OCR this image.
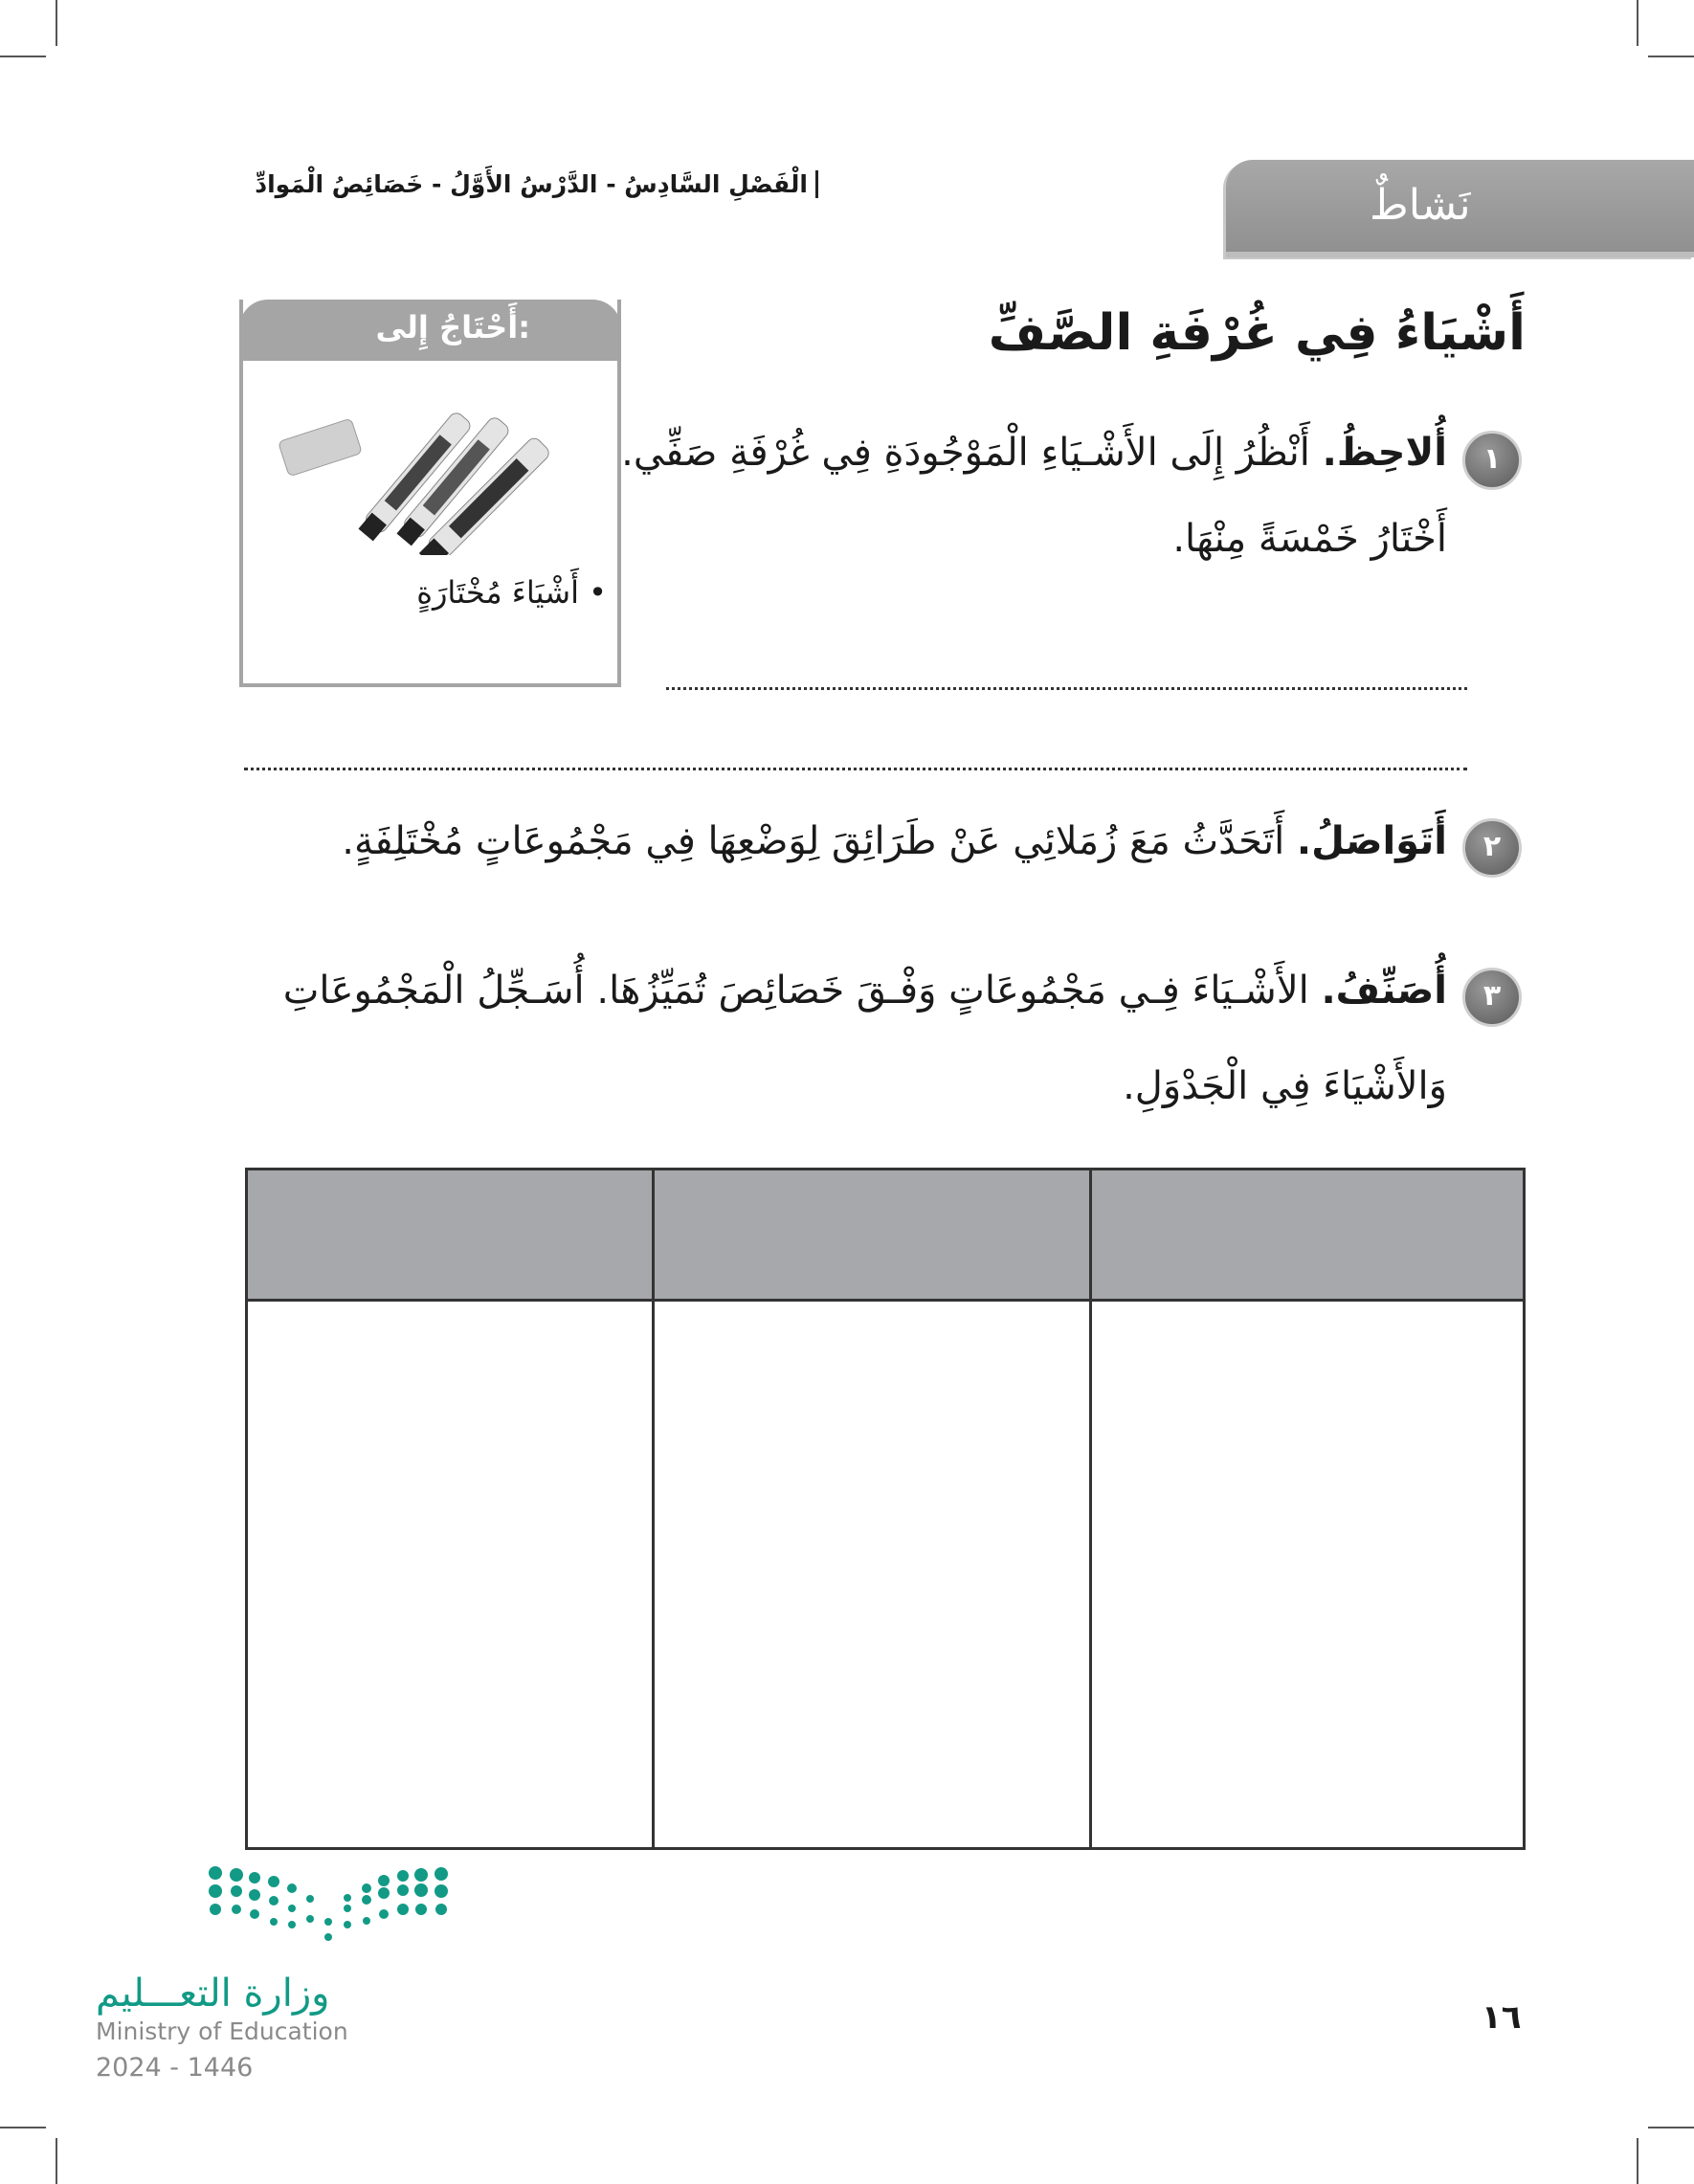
الْفَصْلِ السَّادِسُ - الدَّرْسُ الأَوَّلُ - خَصَائِصُ الْمَوادِّ	نَشاطٌ
أَشْيَاءُ فِي غُرْفَةِ الصَّفِّ
أَحْتَاجُ إِلى:
• أَشْيَاءَ مُخْتَارَةٍ
١
أُلاحِظُ. أَنْظُرُ إِلَى الأَشْـيَاءِ الْمَوْجُودَةِ فِي غُرْفَةِ صَفِّي.
أَخْتَارُ خَمْسَةً مِنْهَا.
٢
أَتَوَاصَلُ. أَتَحَدَّثُ مَعَ زُمَلائِي عَنْ طَرَائِقَ لِوَضْعِهَا فِي مَجْمُوعَاتٍ مُخْتَلِفَةٍ.
٣
أُصَنِّفُ. الأَشْـيَاءَ فِـي مَجْمُوعَاتٍ وَفْـقَ خَصَائِصَ تُمَيِّزُهَا. أُسَـجِّلُ الْمَجْمُوعَاتِ
وَالأَشْيَاءَ فِي الْجَدْوَلِ.
وزارة التعـــليم
Ministry of Education
2024 - 1446
١٦
